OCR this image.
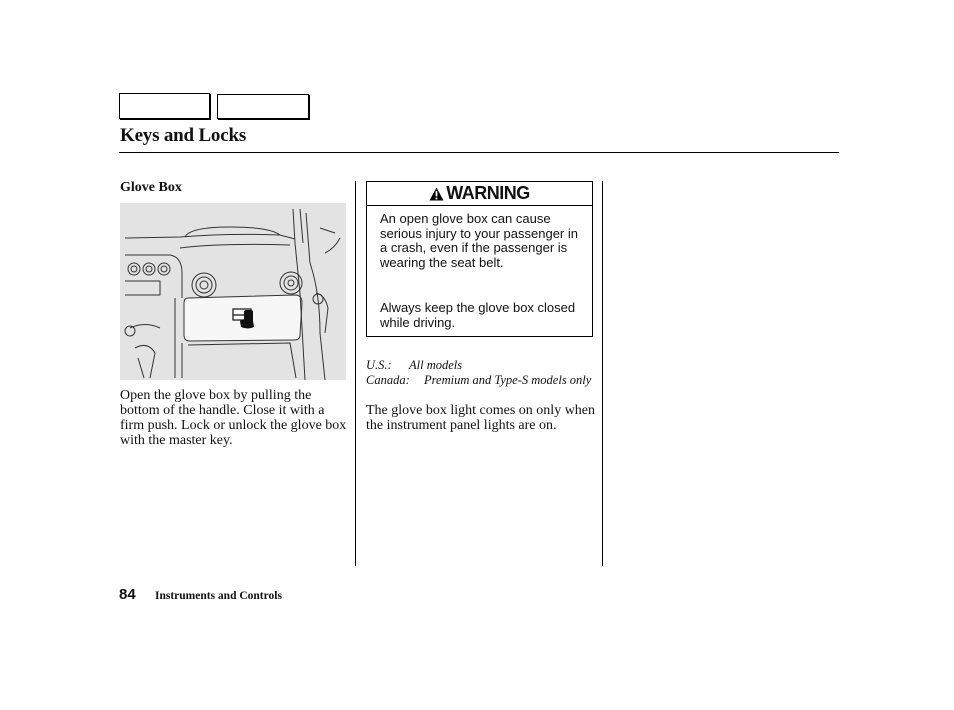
Keys and Locks
Glove Box
Open the glove box by pulling the bottom of the handle. Close it with a firm push. Lock or unlock the glove box with the master key.
WARNING
An open glove box can cause serious injury to your passenger in a crash, even if the passenger is wearing the seat belt.
Always keep the glove box closed while driving.
U.S.: All models
Canada: Premium and Type-S models only
The glove box light comes on only when the instrument panel lights are on.
84 Instruments and Controls
